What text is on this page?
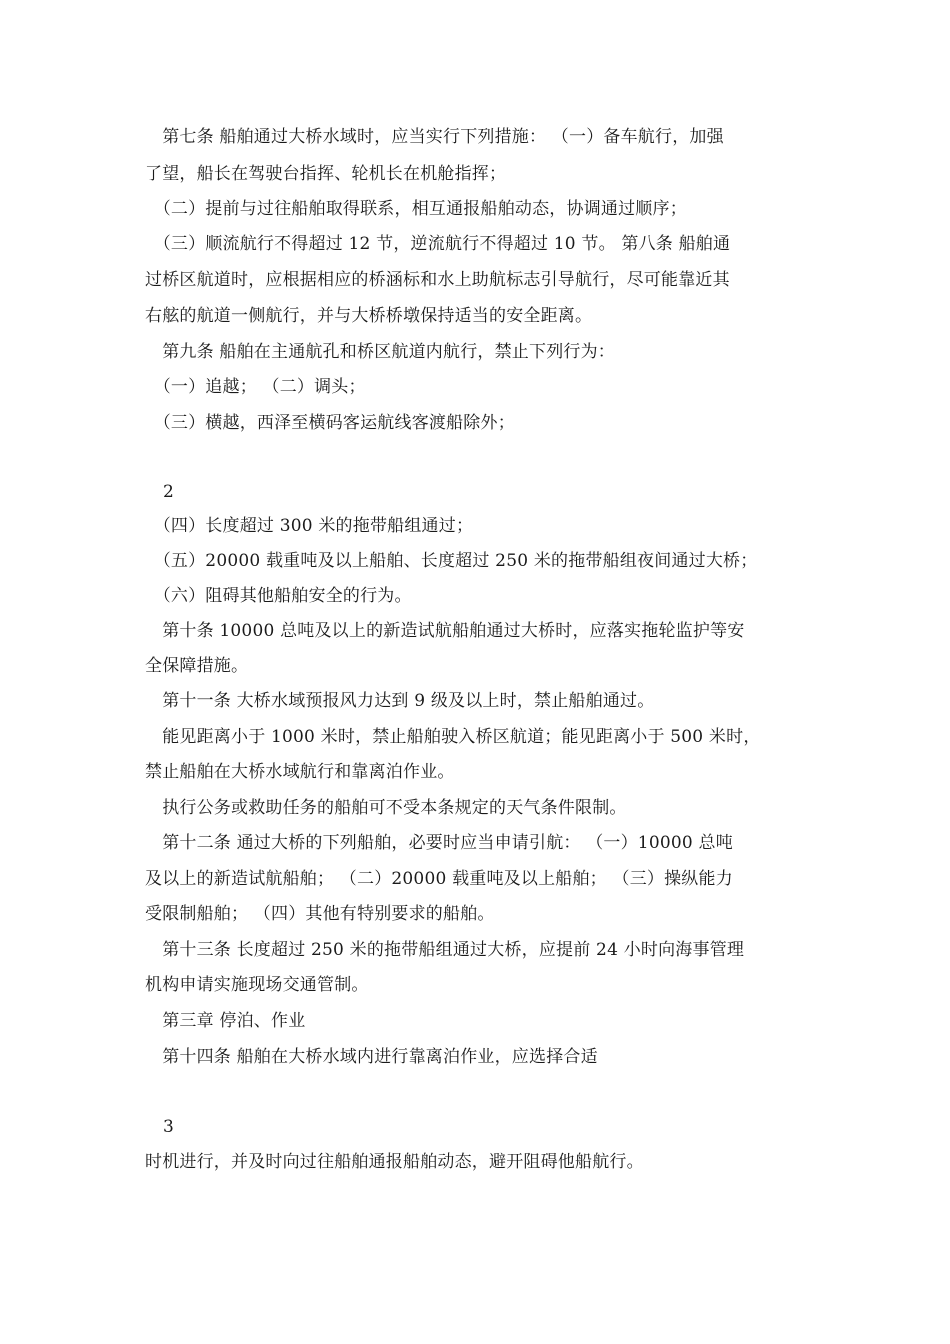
　第七条 船舶通过大桥水域时，应当实行下列措施： （一）备车航行，加强
了望，船长在驾驶台指挥、轮机长在机舱指挥；
　（二）提前与过往船舶取得联系，相互通报船舶动态，协调通过顺序；
　（三）顺流航行不得超过 12 节，逆流航行不得超过 10 节。 第八条 船舶通
过桥区航道时，应根据相应的桥涵标和水上助航标志引导航行，尽可能靠近其
右舷的航道一侧航行，并与大桥桥墩保持适当的安全距离。
　第九条 船舶在主通航孔和桥区航道内航行，禁止下列行为：
　（一）追越； （二）调头；
　（三）横越，西泽至横码客运航线客渡船除外；
2
　（四）长度超过 300 米的拖带船组通过；
　（五）20000 载重吨及以上船舶、长度超过 250 米的拖带船组夜间通过大桥；
　（六）阻碍其他船舶安全的行为。
　第十条 10000 总吨及以上的新造试航船舶通过大桥时，应落实拖轮监护等安
全保障措施。
　第十一条 大桥水域预报风力达到 9 级及以上时，禁止船舶通过。
　能见距离小于 1000 米时，禁止船舶驶入桥区航道；能见距离小于 500 米时，
禁止船舶在大桥水域航行和靠离泊作业。
　执行公务或救助任务的船舶可不受本条规定的天气条件限制。
　第十二条 通过大桥的下列船舶，必要时应当申请引航： （一）10000 总吨
及以上的新造试航船舶； （二）20000 载重吨及以上船舶； （三）操纵能力
受限制船舶； （四）其他有特别要求的船舶。
　第十三条 长度超过 250 米的拖带船组通过大桥，应提前 24 小时向海事管理
机构申请实施现场交通管制。
　第三章 停泊、作业
　第十四条 船舶在大桥水域内进行靠离泊作业，应选择合适
3
时机进行，并及时向过往船舶通报船舶动态，避开阻碍他船航行。
